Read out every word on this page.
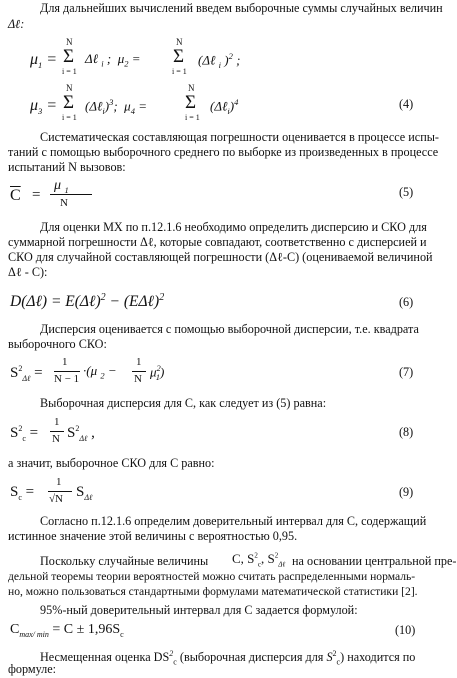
Для дальнейших вычислений введем выборочные суммы случайных величин
Δℓ:
$\mu_1$ =
N
Σ
i = 1
Δℓ $_i$ ;  $\mu_2$ =
N
Σ
i = 1
(Δℓ $_i$ )$^2$ ;
$\mu_3$ =
N
Σ
i = 1
(Δℓ$_i$)$^3$;  $\mu_4$ =
N
Σ
i = 1
(Δℓ$_i$)$^4$	(4)
Систематическая составляющая погрешности оценивается в процессе испы-
таний с помощью выборочного среднего по выборке из произведенных в процессе
испытаний N вызовов:
$\overline{C}$ =
μ $_1$
N
(5)
Для оценки МХ по п.12.1.6 необходимо определить дисперсию и СКО для
суммарной погрешности Δℓ, которые совпадают, соответственно с дисперсией и
СКО для случайной составляющей погрешности (Δℓ-С) (оцениваемой величиной
Δℓ - C):
D(Δℓ) = E(Δℓ)$^2$ − (EΔℓ)$^2$	(6)
Дисперсия оценивается с помощью выборочной дисперсии, т.е. квадрата
выборочного СКО:
$S^2_{\Delta\ell}$ =
1
N − 1
·(μ $_2$ −
1
N $\mu^2_1$)	(7)
Выборочная дисперсия для C, как следует из (5) равна:
$S^2_c$ =
1
N $S^2_{\Delta\ell}$ ,	(8)
а значит, выборочное СКО для C равно:
$S_c$ =
1
√N $S_{\Delta\ell}$	(9)
Согласно п.12.1.6 определим доверительный интервал для С, содержащий
истинное значение этой величины с вероятностью 0,95.
Поскольку случайные величины C, $S^2_c$, $S^2_{\Delta\ell}$ на основании центральной пре-
дельной теоремы теории вероятностей можно считать распределенными нормаль-
но, можно пользоваться стандартными формулами математической статистики [2].
95%-ный доверительный интервал для С задается формулой:
$C_{max/ min} = C \pm 1,96S_c$	(10)
Несмещенная оценка $DS^2_c$ (выборочная дисперсия для $S^2_c$) находится по
формуле:
